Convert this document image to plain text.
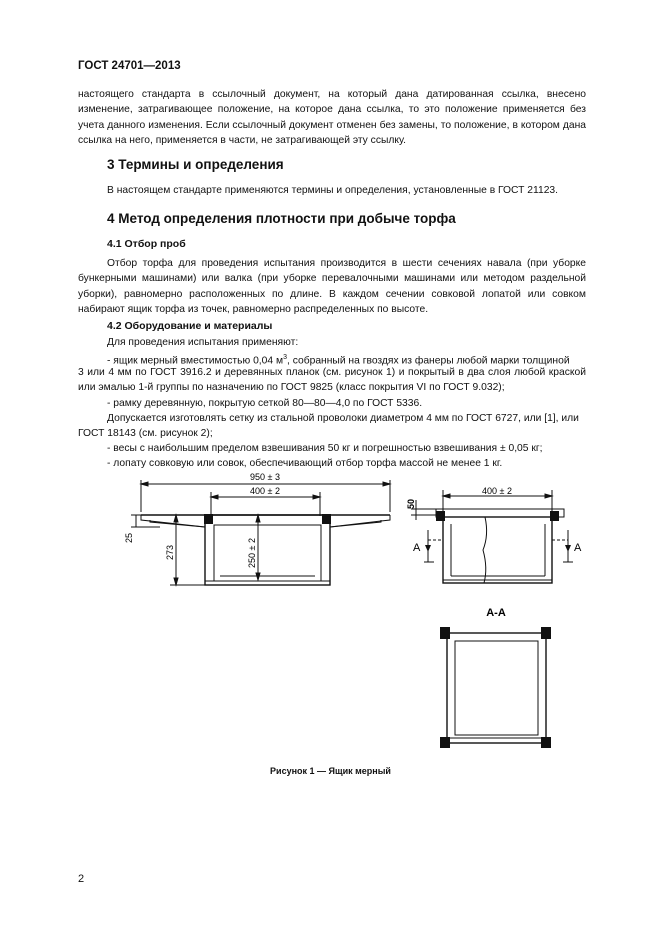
ГОСТ 24701—2013
настоящего стандарта в ссылочный документ, на который дана датированная ссылка, внесено изменение, затрагивающее положение, на которое дана ссылка, то это положение применяется без учета данного изменения. Если ссылочный документ отменен без замены, то положение, в котором дана ссылка на него, применяется в части, не затрагивающей эту ссылку.
3 Термины и определения
В настоящем стандарте применяются термины и определения, установленные в ГОСТ 21123.
4 Метод определения плотности при добыче торфа
4.1 Отбор проб
Отбор торфа для проведения испытания производится в шести сечениях навала (при уборке бункерными машинами) или валка (при уборке перевалочными машинами или методом раздельной уборки), равномерно расположенных по длине. В каждом сечении совковой лопатой или совком набирают ящик торфа из точек, равномерно распределенных по высоте.
4.2 Оборудование и материалы
Для проведения испытания применяют:
- ящик мерный вместимостью 0,04 $м^3$, собранный на гвоздях из фанеры любой марки толщиной
3 или 4 мм по ГОСТ 3916.2 и деревянных планок (см. рисунок 1) и покрытый в два слоя любой краской или эмалью 1-й группы по назначению по ГОСТ 9825 (класс покрытия VI по ГОСТ 9.032);
- рамку деревянную, покрытую сеткой 80—80—4,0 по ГОСТ 5336.
Допускается изготовлять сетку из стальной проволоки диаметром 4 мм по ГОСТ 6727, или [1], или
ГОСТ 18143 (см. рисунок 2);
- весы с наибольшим пределом взвешивания 50 кг и погрешностью взвешивания ± 0,05 кг;
- лопату совковую или совок, обеспечивающий отбор торфа массой не менее 1 кг.
950 ± 3
400 ± 2	400 ± 2
25
273	250 ± 2
50
A	A
А-А
Рисунок 1 — Ящик мерный
2
